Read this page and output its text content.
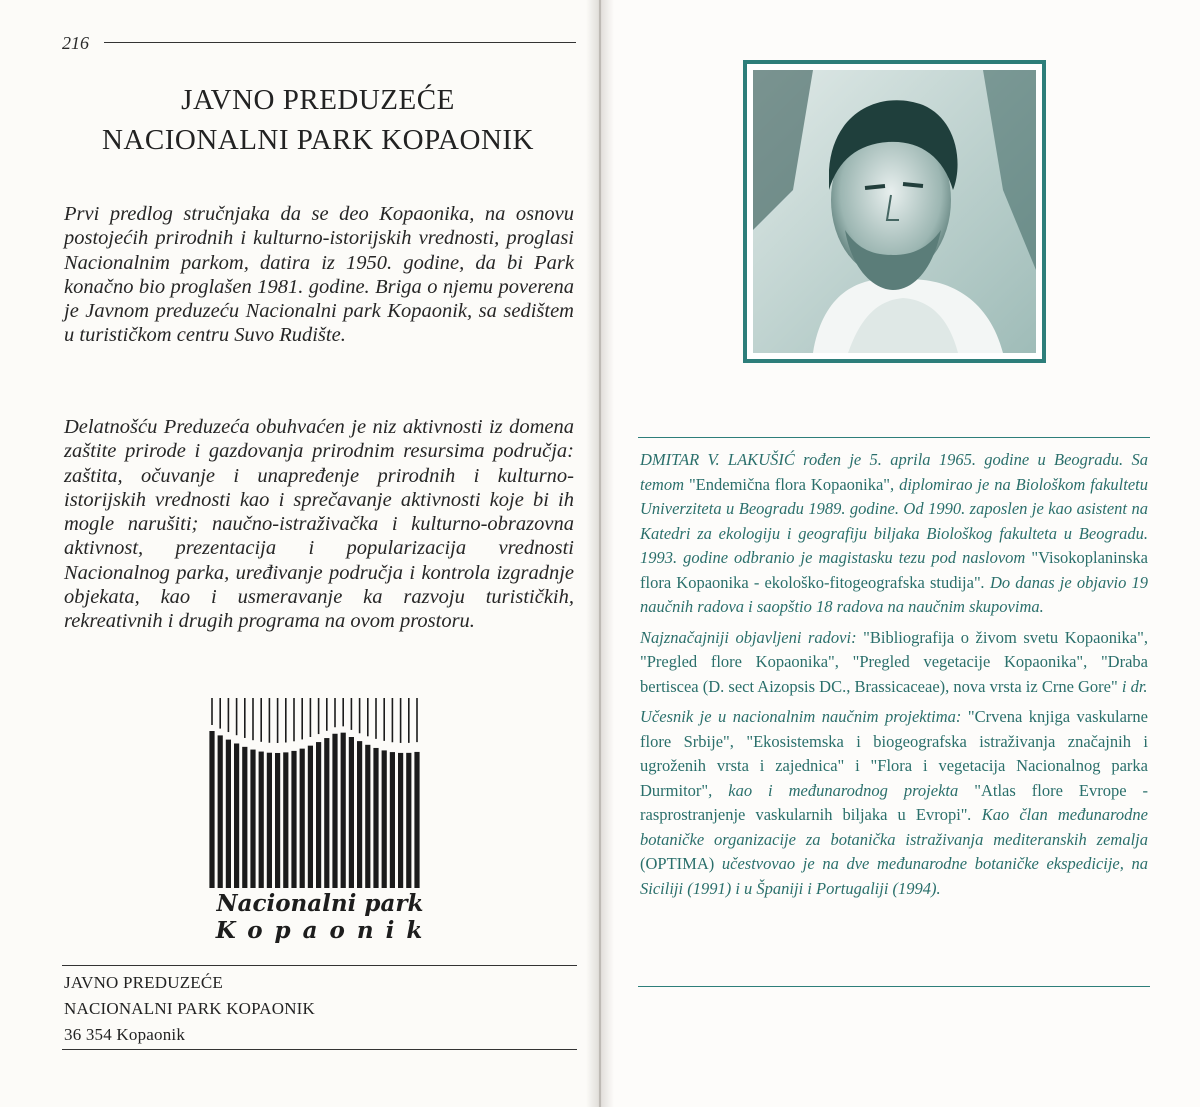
216
JAVNO PREDUZEĆE
NACIONALNI PARK KOPAONIK
Prvi predlog stručnjaka da se deo Kopaonika, na osnovu postojećih prirodnih i kulturno-istorijskih vrednosti, proglasi Nacionalnim parkom, datira iz 1950. godine, da bi Park konačno bio proglašen 1981. godine. Briga o njemu poverena je Javnom preduzeću Nacionalni park Kopaonik, sa sedištem u turističkom centru Suvo Rudište.
Delatnošću Preduzeća obuhvaćen je niz aktivnosti iz domena zaštite prirode i gazdovanja prirodnim resursima područja: zaštita, očuvanje i unapređenje prirodnih i kulturno-istorijskih vrednosti kao i sprečavanje aktivnosti koje bi ih mogle narušiti; naučno-istraživačka i kulturno-obrazovna aktivnost, prezentacija i popularizacija vrednosti Nacionalnog parka, uređivanje područja i kontrola izgradnje objekata, kao i usmeravanje ka razvoju turističkih, rekreativnih i drugih programa na ovom prostoru.
Nacionalni park
Kopaonik
JAVNO PREDUZEĆE
NACIONALNI PARK KOPAONIK
36 354 Kopaonik

DMITAR V. LAKUŠIĆ rođen je 5. aprila 1965. godine u Beogradu. Sa temom "Endemična flora Kopaonika", diplomirao je na Biološkom fakultetu Univerziteta u Beogradu 1989. godine. Od 1990. zaposlen je kao asistent na Katedri za ekologiju i geografiju biljaka Biološkog fakulteta u Beogradu. 1993. godine odbranio je magistasku tezu pod naslovom "Visokoplaninska flora Kopaonika - ekološko-fitogeografska studija". Do danas je objavio 19 naučnih radova i saopštio 18 radova na naučnim skupovima.

Najznačajniji objavljeni radovi: "Bibliografija o živom svetu Kopaonika", "Pregled flore Kopaonika", "Pregled vegetacije Kopaonika", "Draba bertiscea (D. sect Aizopsis DC., Brassicaceae), nova vrsta iz Crne Gore" i dr.

Učesnik je u nacionalnim naučnim projektima: "Crvena knjiga vaskularne flore Srbije", "Ekosistemska i biogeografska istraživanja značajnih i ugroženih vrsta i zajednica" i "Flora i vegetacija Nacionalnog parka Durmitor", kao i međunarodnog projekta "Atlas flore Evrope - rasprostranjenje vaskularnih biljaka u Evropi". Kao član međunarodne botaničke organizacije za botanička istraživanja mediteranskih zemalja (OPTIMA) učestvovao je na dve međunarodne botaničke ekspedicije, na Siciliji (1991) i u Španiji i Portugaliji (1994).
